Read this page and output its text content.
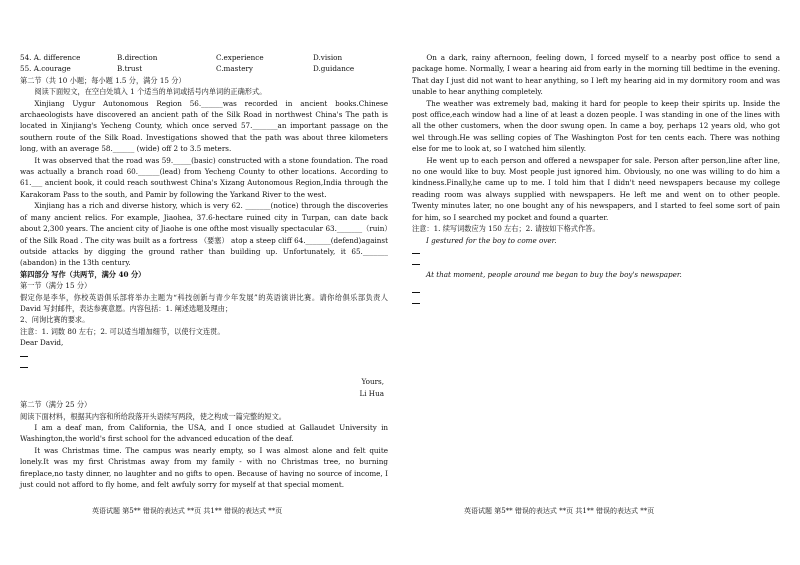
54. A. difference	B.direction	C.experience	D.vision
55. A.courage	B.trust	C.mastery	D.guidance

第二节（共 10 小题；每小题 1.5 分，满分 15 分）

阅读下面短文，在空白处填入 1 个适当的单词或括号内单词的正确形式。

Xinjiang Uygur Autonomous Region 56.______was recorded in ancient books.Chinese archaeologists have discovered an ancient path of the Silk Road in northwest China's The path is located in Xinjiang's Yecheng County, which once served 57._______an important passage on the southern route of the Silk Road. Investigations showed that the path was about three kilometers long, with an average 58.______ (wide) off 2 to 3.5 meters.

It was observed that the road was 59._____(basic) constructed with a stone foundation. The road was actually a branch road 60.______(lead) from Yecheng County to other locations. According to 61.___ ancient book, it could reach southwest China's Xizang Autonomous Region,India through the Karakoram Pass to the south, and Pamir by following the Yarkand River to the west.

Xinjiang has a rich and diverse history, which is very 62. _______(notice) through the discoveries of many ancient relics. For example, Jiaohea, 37.6-hectare ruined city in Turpan, can date back about 2,300 years. The ancient city of Jiaohe is one ofthe most visually spectacular 63._______（ruin）of the Silk Road . The city was built as a fortress （要塞） atop a steep cliff 64._______(defend)against outside attacks by digging the ground rather than building up. Unfortunately, it 65._______ (abandon) in the 13th century.

第四部分 写作（共两节，满分 40 分）

第一节（满分 15 分）

假定你是李华，你校英语俱乐部将举办主题为“科技创新与青少年发展”的英语演讲比赛。请你给俱乐部负责人 David 写封邮件，表达参赛意愿。内容包括：1. 阐述选题及理由；

2、问询比赛的要求。

注意：1. 词数 80 左右；2. 可以适当增加细节，以使行文连贯。

Dear David,

Yours,

Li Hua

第二节（满分 25 分）

阅读下面材料，根据其内容和所给段落开头语续写两段，使之构成一篇完整的短文。

I am a deaf man, from California, the USA, and I once studied at Gallaudet University in Washington,the world's first school for the advanced education of the deaf.

It was Christmas time. The campus was nearly empty, so I was almost alone and felt quite lonely.It was my first Christmas away from my family - with no Christmas tree, no burning fireplace,no tasty dinner, no laughter and no gifts to open. Because of having no source of income, I just could not afford to fly home, and felt awfuly sorry for myself at that special moment.

On a dark, rainy afternoon, feeling down, I forced myself to a nearby post office to send a package home. Normally, I wear a hearing aid from early in the morning till bedtime in the evening. That day I just did not want to hear anything, so I left my hearing aid in my dormitory room and was unable to hear anything completely.

The weather was extremely bad, making it hard for people to keep their spirits up. Inside the post office,each window had a line of at least a dozen people. I was standing in one of the lines with all the other customers, when the door swung open. In came a boy, perhaps 12 years old, who got wel through.He was selling copies of The Washington Post for ten cents each. There was nothing else for me to look at, so I watched him silently.

He went up to each person and offered a newspaper for sale. Person after person,line after line, no one would like to buy. Most people just ignored him. Obviously, no one was willing to do him a kindness.Finally,he came up to me. I told him that I didn't need newspapers because my college reading room was always supplied with newspapers. He left me and went on to other people. Twenty minutes later, no one bought any of his newspapers, and I started to feel some sort of pain for him, so I searched my pocket and found a quarter.

注意：1. 续写词数应为 150 左右；2. 请按如下格式作答。

I gestured for the boy to come over.

At that moment, people around me began to buy the boy's newspaper.

英语试题 第5** 错误的表达式 **页 共1** 错误的表达式 **页	英语试题 第5** 错误的表达式 **页 共1** 错误的表达式 **页
